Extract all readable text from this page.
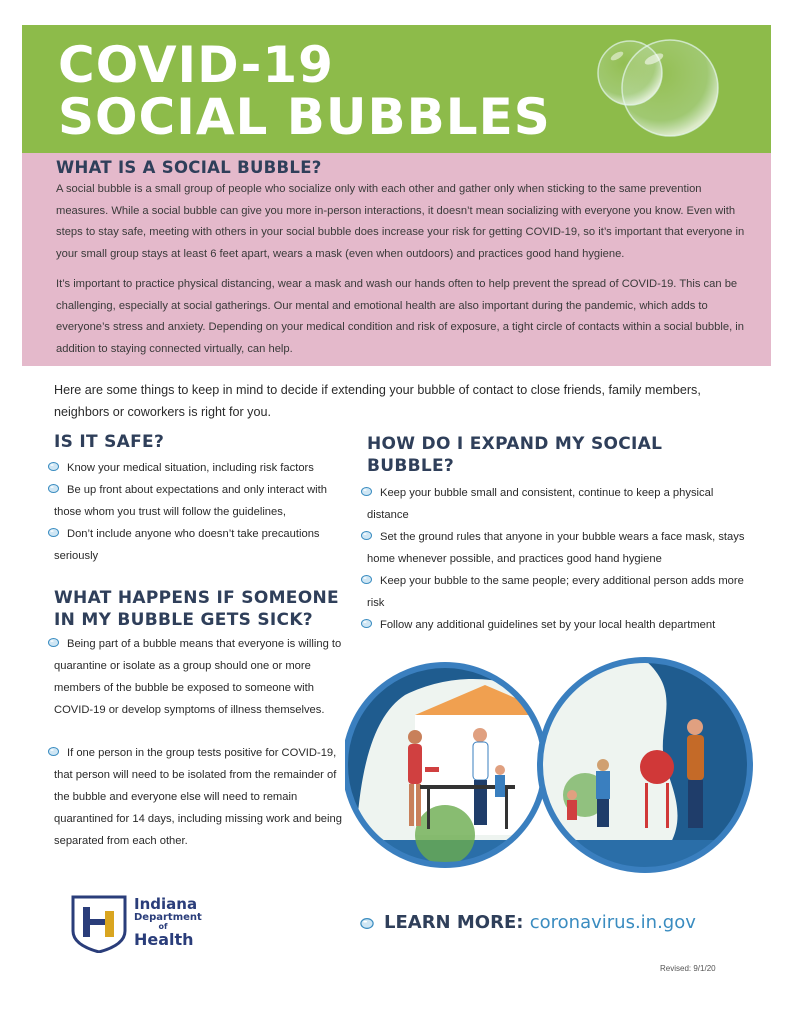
COVID-19
SOCIAL BUBBLES
WHAT IS A SOCIAL BUBBLE?

A social bubble is a small group of people who socialize only with each other and gather only when sticking to the same prevention measures. While a social bubble can give you more in-person interactions, it doesn’t mean socializing with everyone you know. Even with steps to stay safe, meeting with others in your social bubble does increase your risk for getting COVID-19, so it’s important that everyone in your small group stays at least 6 feet apart, wears a mask (even when outdoors) and practices good hand hygiene.

It’s important to practice physical distancing, wear a mask and wash our hands often to help prevent the spread of COVID-19. This can be challenging, especially at social gatherings. Our mental and emotional health are also important during the pandemic, which adds to everyone’s stress and anxiety. Depending on your medical condition and risk of exposure, a tight circle of contacts within a social bubble, in addition to staying connected virtually, can help.

Here are some things to keep in mind to decide if extending your bubble of contact to close friends, family members, neighbors or coworkers is right for you.

IS IT SAFE?
Know your medical situation, including risk factors
Be up front about expectations and only interact with those whom you trust will follow the guidelines,
Don’t include anyone who doesn’t take precautions seriously
WHAT HAPPENS IF SOMEONE IN MY BUBBLE GETS SICK?
Being part of a bubble means that everyone is willing to quarantine or isolate as a group should one or more members of the bubble be exposed to someone with COVID-19 or develop symptoms of illness themselves.
If one person in the group tests positive for COVID-19, that person will need to be isolated from the remainder of the bubble and everyone else will need to remain quarantined for 14 days, including missing work and being separated from each other.
HOW DO I EXPAND MY SOCIAL BUBBLE?
Keep your bubble small and consistent, continue to keep a physical distance
Set the ground rules that anyone in your bubble wears a face mask, stays home whenever possible, and practices good hand hygiene
Keep your bubble to the same people; every additional person adds more risk
Follow any additional guidelines set by your local health department
Indiana
Department
of
Health
LEARN MORE: coronavirus.in.gov
Revised: 9/1/20
